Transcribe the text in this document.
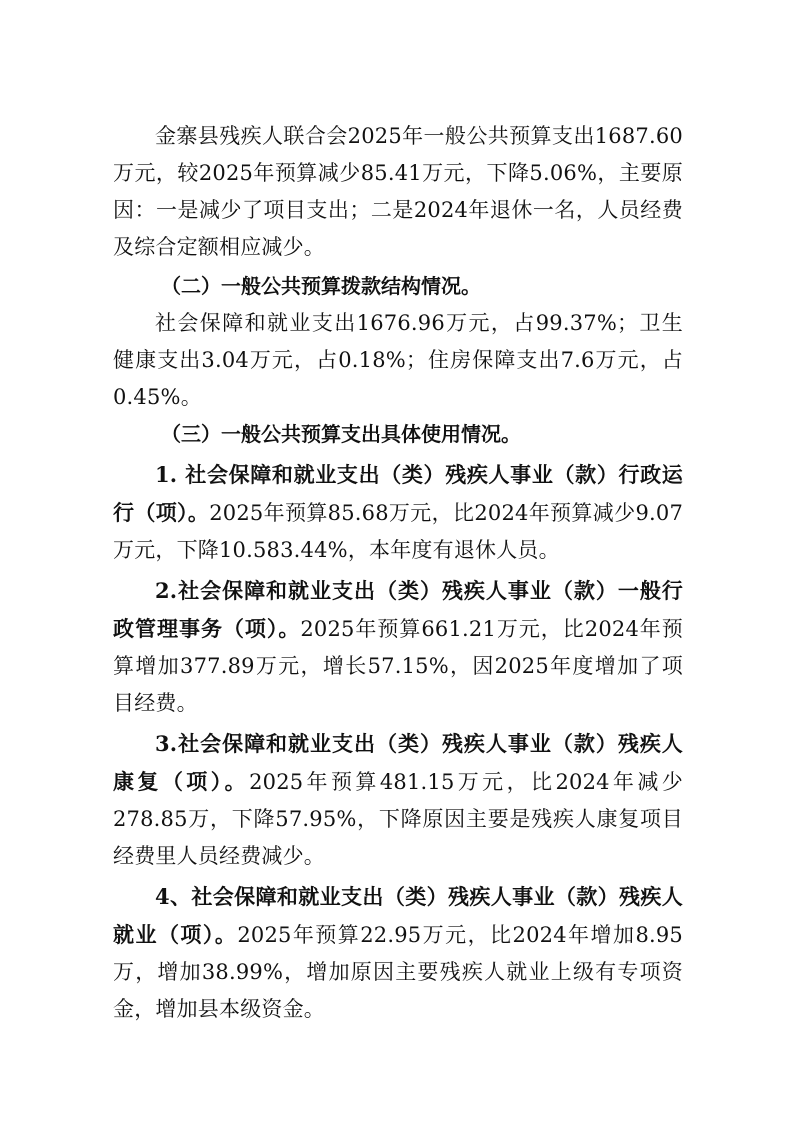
金寨县残疾人联合会2025年一般公共预算支出1687.60万元，较2025年预算减少85.41万元，下降5.06%，主要原因：一是减少了项目支出；二是2024年退休一名，人员经费及综合定额相应减少。

（二）一般公共预算拨款结构情况。

社会保障和就业支出1676.96万元，占99.37%；卫生健康支出3.04万元，占0.18%；住房保障支出7.6万元，占0.45%。

（三）一般公共预算支出具体使用情况。

1. 社会保障和就业支出（类）残疾人事业（款）行政运行（项）。2025年预算85.68万元，比2024年预算减少9.07万元，下降10.583.44%，本年度有退休人员。

2.社会保障和就业支出（类）残疾人事业（款）一般行政管理事务（项）。2025年预算661.21万元，比2024年预算增加377.89万元，增长57.15%，因2025年度增加了项目经费。

3.社会保障和就业支出（类）残疾人事业（款）残疾人康复（项）。2025年预算481.15万元，比2024年减少278.85万，下降57.95%，下降原因主要是残疾人康复项目经费里人员经费减少。

4、社会保障和就业支出（类）残疾人事业（款）残疾人就业（项）。2025年预算22.95万元，比2024年增加8.95万，增加38.99%，增加原因主要残疾人就业上级有专项资金，增加县本级资金。
